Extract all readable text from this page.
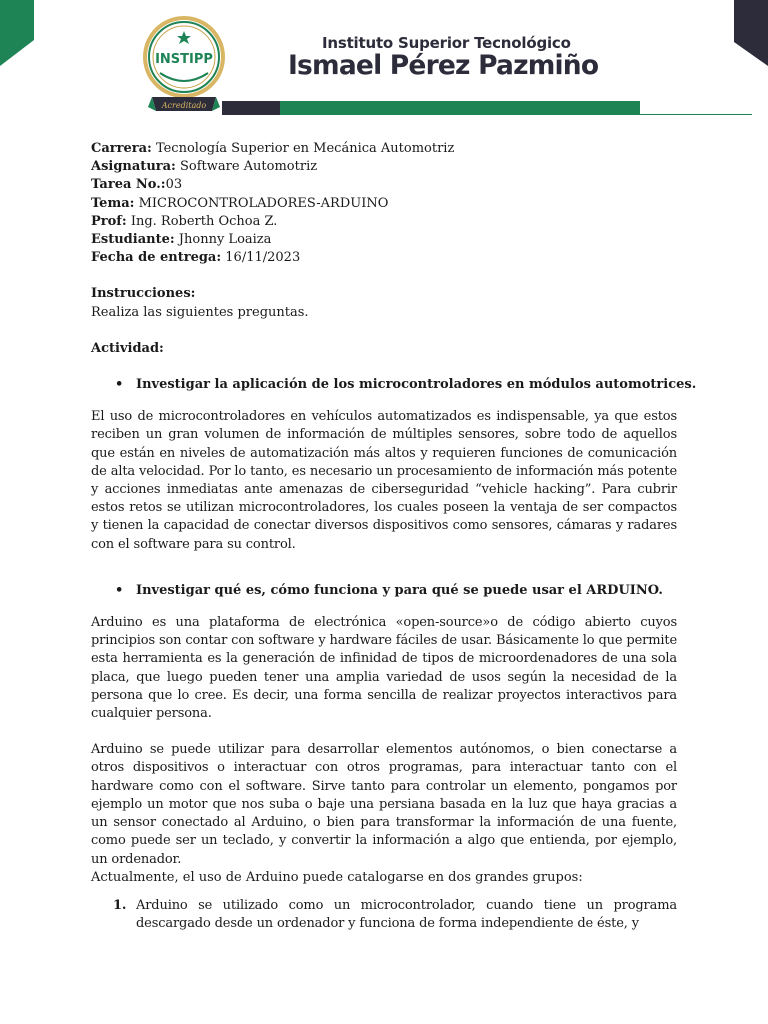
INSTIPP
Acreditado
Instituto Superior Tecnológico
Ismael Pérez Pazmiño
Carrera: Tecnología Superior en Mecánica Automotriz
Asignatura: Software Automotriz
Tarea No.:03
Tema: MICROCONTROLADORES-ARDUINO
Prof: Ing. Roberth Ochoa Z.
Estudiante: Jhonny Loaiza
Fecha de entrega: 16/11/2023
Instrucciones:
Realiza las siguientes preguntas.
Actividad:
• Investigar la aplicación de los microcontroladores en módulos automotrices.

El uso de microcontroladores en vehículos automatizados es indispensable, ya que estos reciben un gran volumen de información de múltiples sensores, sobre todo de aquellos que están en niveles de automatización más altos y requieren funciones de comunicación de alta velocidad. Por lo tanto, es necesario un procesamiento de información más potente y acciones inmediatas ante amenazas de ciberseguridad “vehicle hacking”. Para cubrir estos retos se utilizan microcontroladores, los cuales poseen la ventaja de ser compactos y tienen la capacidad de conectar diversos dispositivos como sensores, cámaras y radares con el software para su control.

• Investigar qué es, cómo funciona y para qué se puede usar el ARDUINO.

Arduino es una plataforma de electrónica «open-source»o de código abierto cuyos principios son contar con software y hardware fáciles de usar. Básicamente lo que permite esta herramienta es la generación de infinidad de tipos de microordenadores de una sola placa, que luego pueden tener una amplia variedad de usos según la necesidad de la persona que lo cree. Es decir, una forma sencilla de realizar proyectos interactivos para cualquier persona.

Arduino se puede utilizar para desarrollar elementos autónomos, o bien conectarse a otros dispositivos o interactuar con otros programas, para interactuar tanto con el hardware como con el software. Sirve tanto para controlar un elemento, pongamos por ejemplo un motor que nos suba o baje una persiana basada en la luz que haya gracias a un sensor conectado al Arduino, o bien para transformar la información de una fuente, como puede ser un teclado, y convertir la información a algo que entienda, por ejemplo, un ordenador.

Actualmente, el uso de Arduino puede catalogarse en dos grandes grupos:
1. Arduino se utilizado como un microcontrolador, cuando tiene un programa descargado desde un ordenador y funciona de forma independiente de éste, y
